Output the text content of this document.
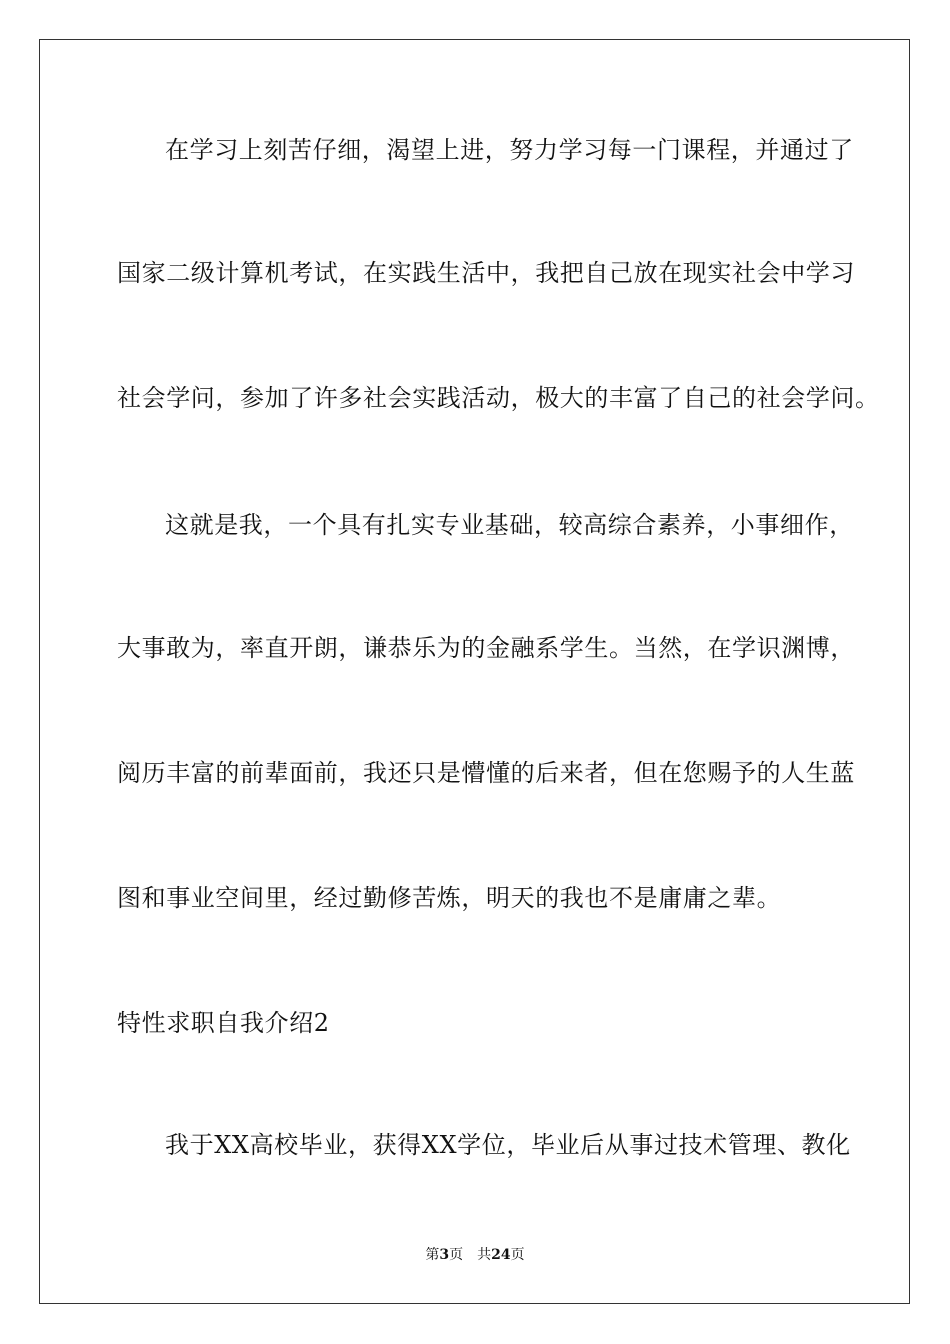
在学习上刻苦仔细，渴望上进，努力学习每一门课程，并通过了
国家二级计算机考试，在实践生活中，我把自己放在现实社会中学习
社会学问，参加了许多社会实践活动，极大的丰富了自己的社会学问。
这就是我，一个具有扎实专业基础，较高综合素养，小事细作，
大事敢为，率直开朗，谦恭乐为的金融系学生。当然，在学识渊博，
阅历丰富的前辈面前，我还只是懵懂的后来者，但在您赐予的人生蓝
图和事业空间里，经过勤修苦炼，明天的我也不是庸庸之辈。
特性求职自我介绍2
我于XX高校毕业，获得XX学位，毕业后从事过技术管理、教化
第3页 共24页
